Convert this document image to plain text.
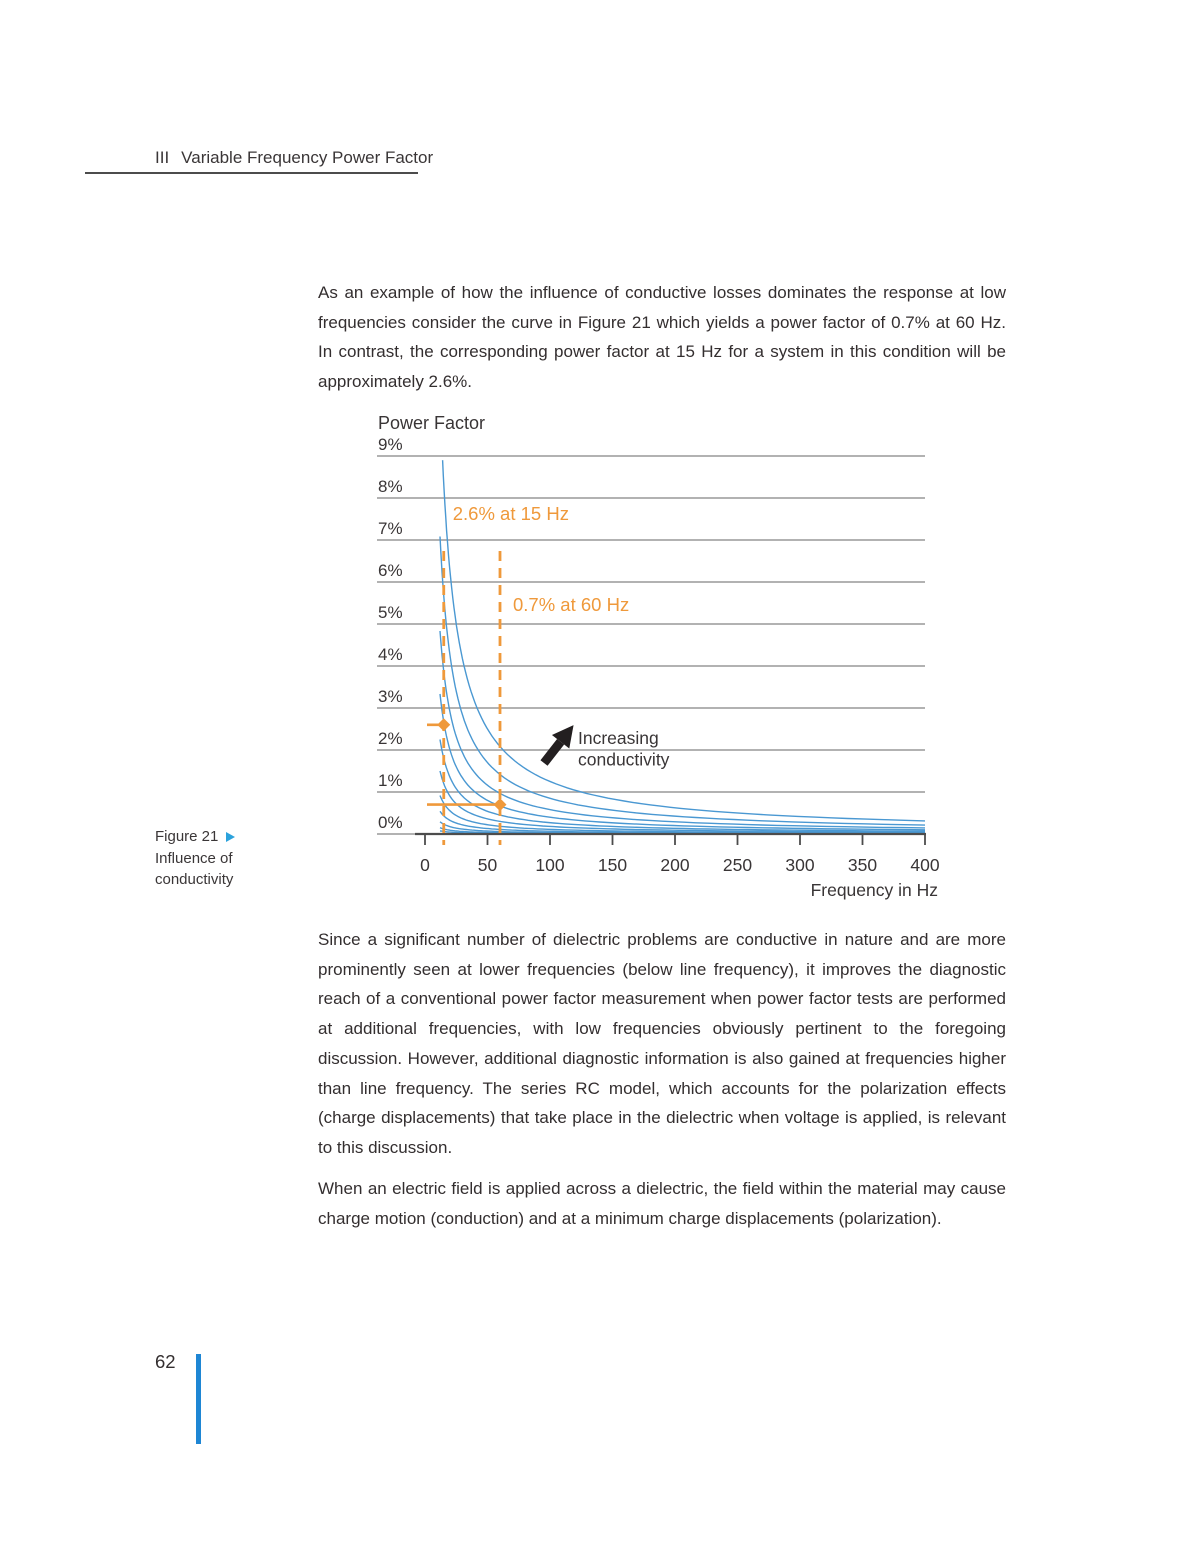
III Variable Frequency Power Factor

As an example of how the influence of conductive losses dominates the response at low frequencies consider the curve in Figure 21 which yields a power factor of 0.7% at 60 Hz. In contrast, the corresponding power factor at 15 Hz for a system in this condition will be approximately 2.6%.

0%
1%
2%
3%
4%
5%
6%
7%
8%
9%
Power Factor
0	50 100 150 200 250 300 350 400
Frequency in Hz
2.6% at 15 Hz
0.7% at 60 Hz
Increasing
conductivity
Figure 21
Influence of
conductivity

Since a significant number of dielectric problems are conductive in nature and are more prominently seen at lower frequencies (below line frequency), it improves the diagnostic reach of a conventional power factor measurement when power factor tests are performed at additional frequencies, with low frequencies obviously pertinent to the foregoing discussion. However, additional diagnostic information is also gained at frequencies higher than line frequency. The series RC model, which accounts for the polarization effects (charge displacements) that take place in the dielectric when voltage is applied, is relevant to this discussion.

When an electric field is applied across a dielectric, the field within the material may cause charge motion (conduction) and at a minimum charge displacements (polarization).

62
